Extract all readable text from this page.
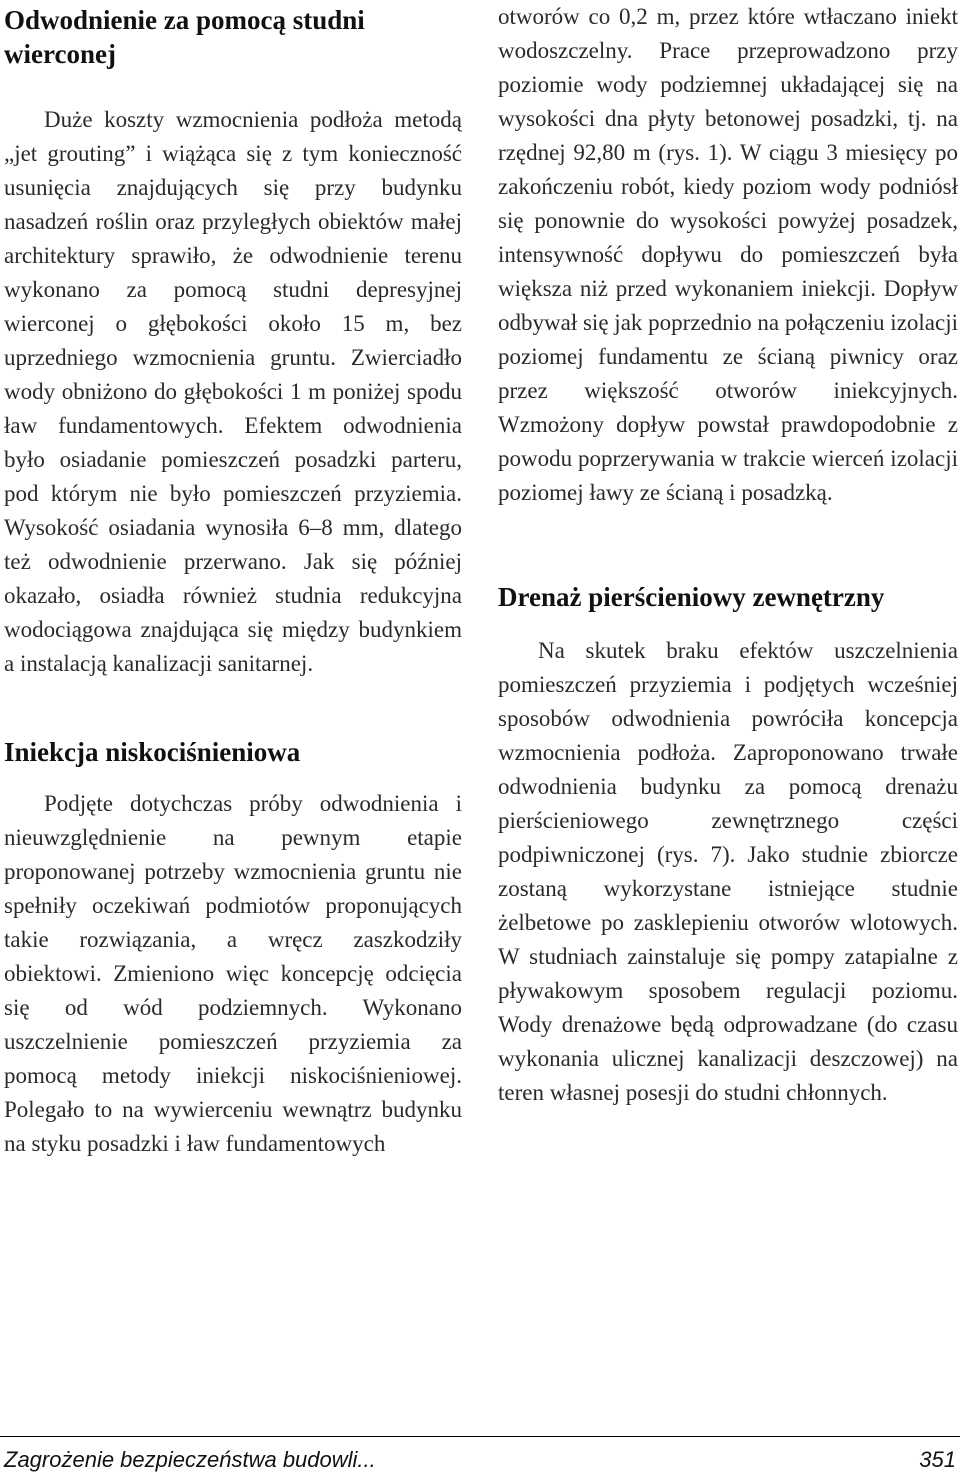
Odwodnienie za pomocą studni wierconej

Duże koszty wzmocnienia podłoża metodą „jet grouting” i wiążąca się z tym konieczność usunięcia znajdujących się przy budynku nasadzeń roślin oraz przyległych obiektów małej architektury sprawiło, że odwodnienie terenu wykonano za pomocą studni depresyjnej wierconej o głębokości około 15 m, bez uprzedniego wzmocnienia gruntu. Zwierciadło wody obniżono do głębokości 1 m poniżej spodu ław fundamentowych. Efektem odwodnienia było osiadanie pomieszczeń posadzki parteru, pod którym nie było pomieszczeń przyziemia. Wysokość osiadania wynosiła 6–8 mm, dlatego też odwodnienie przerwano. Jak się później okazało, osiadła również studnia redukcyjna wodociągowa znajdująca się między budynkiem a instalacją kanalizacji sanitarnej.

Iniekcja niskociśnieniowa

Podjęte dotychczas próby odwodnienia i nieuwzględnienie na pewnym etapie proponowanej potrzeby wzmocnienia gruntu nie spełniły oczekiwań podmiotów proponujących takie rozwiązania, a wręcz zaszkodziły obiektowi. Zmieniono więc koncepcję odcięcia się od wód podziemnych. Wykonano uszczelnienie pomieszczeń przyziemia za pomocą metody iniekcji niskociśnieniowej. Polegało to na wywierceniu wewnątrz budynku na styku posadzki i ław fundamentowych

otworów co 0,2 m, przez które wtłaczano iniekt wodoszczelny. Prace przeprowadzono przy poziomie wody podziemnej układającej się na wysokości dna płyty betonowej posadzki, tj. na rzędnej 92,80 m (rys. 1). W ciągu 3 miesięcy po zakończeniu robót, kiedy poziom wody podniósł się ponownie do wysokości powyżej posadzek, intensywność dopływu do pomieszczeń była większa niż przed wykonaniem iniekcji. Dopływ odbywał się jak poprzednio na połączeniu izolacji poziomej fundamentu ze ścianą piwnicy oraz przez większość otworów iniekcyjnych. Wzmożony dopływ powstał prawdopodobnie z powodu poprzerywania w trakcie wierceń izolacji poziomej ławy ze ścianą i posadzką.

Drenaż pierścieniowy zewnętrzny

Na skutek braku efektów uszczelnienia pomieszczeń przyziemia i podjętych wcześniej sposobów odwodnienia powróciła koncepcja wzmocnienia podłoża. Zaproponowano trwałe odwodnienia budynku za pomocą drenażu pierścieniowego zewnętrznego części podpiwniczonej (rys. 7). Jako studnie zbiorcze zostaną wykorzystane istniejące studnie żelbetowe po zasklepieniu otworów wlotowych. W studniach zainstaluje się pompy zatapialne z pływakowym sposobem regulacji poziomu. Wody drenażowe będą odprowadzane (do czasu wykonania ulicznej kanalizacji deszczowej) na teren własnej posesji do studni chłonnych.

Zagrożenie bezpieczeństwa budowli...	351
